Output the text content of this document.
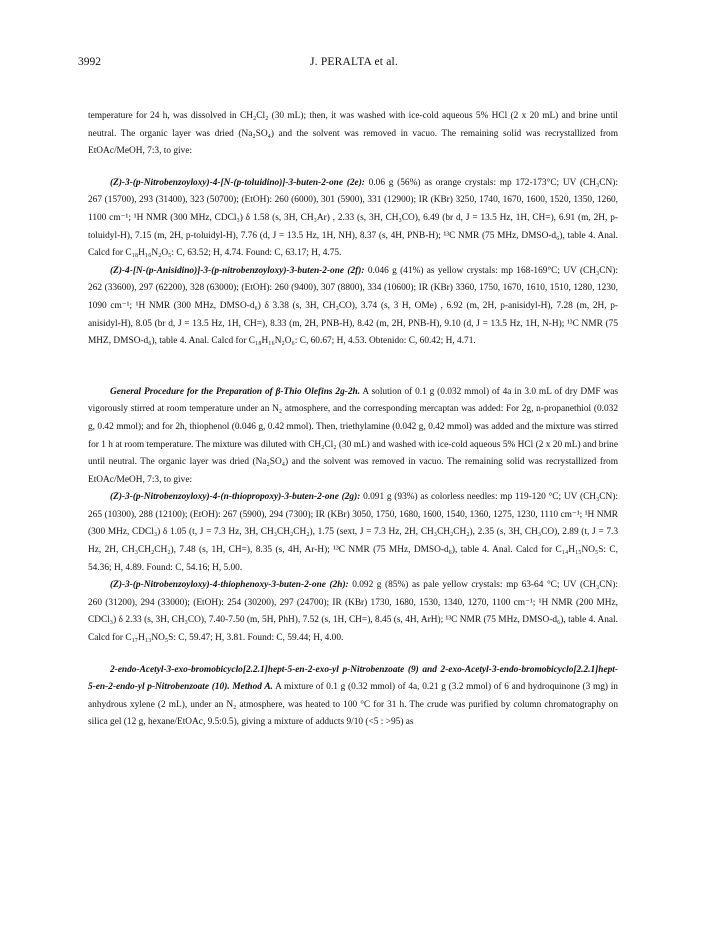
3992	J. PERALTA et al.

temperature for 24 h, was dissolved in CH₂Cl₂ (30 mL); then, it was washed with ice-cold aqueous 5% HCl (2 x 20 mL) and brine until neutral. The organic layer was dried (Na₂SO₄) and the solvent was removed in vacuo. The remaining solid was recrystallized from EtOAc/MeOH, 7:3, to give:

(Z)-3-(p-Nitrobenzoyloxy)-4-[N-(p-toluidino)]-3-buten-2-one (2e): 0.06 g (56%) as orange crystals: mp 172-173°C; UV (CH₃CN): 267 (15700), 293 (31400), 323 (50700); (EtOH): 260 (6000), 301 (5900), 331 (12900); IR (KBr) 3250, 1740, 1670, 1600, 1520, 1350, 1260, 1100 cm⁻¹; ¹H NMR (300 MHz, CDCl₃) δ 1.58 (s, 3H, CH₃Ar) , 2.33 (s, 3H, CH₃CO), 6.49 (br d, J = 13.5 Hz, 1H, CH=), 6.91 (m, 2H, p-toluidyl-H), 7.15 (m, 2H, p-toluidyl-H), 7.76 (d, J = 13.5 Hz, 1H, NH), 8.37 (s, 4H, PNB-H); ¹³C NMR (75 MHz, DMSO-d₆), table 4. Anal. Calcd for C₁₈H₁₆N₂O₅: C, 63.52; H, 4.74. Found: C, 63.17; H, 4.75.

(Z)-4-[N-(p-Anisidino)]-3-(p-nitrobenzoyloxy)-3-buten-2-one (2f): 0.046 g (41%) as yellow crystals: mp 168-169°C; UV (CH₃CN): 262 (33600), 297 (62200), 328 (63000); (EtOH): 260 (9400), 307 (8800), 334 (10600); IR (KBr) 3360, 1750, 1670, 1610, 1510, 1280, 1230, 1090 cm⁻¹; ¹H NMR (300 MHz, DMSO-d₆) δ 3.38 (s, 3H, CH₃CO), 3.74 (s, 3 H, OMe) , 6.92 (m, 2H, p-anisidyl-H), 7.28 (m, 2H, p-anisidyl-H), 8.05 (br d, J = 13.5 Hz, 1H, CH=), 8.33 (m, 2H, PNB-H), 8.42 (m, 2H, PNB-H), 9.10 (d, J = 13.5 Hz, 1H, N-H); ¹³C NMR (75 MHZ, DMSO-d₆), table 4. Anal. Calcd for C₁₈H₁₆N₂O₆: C, 60.67; H, 4.53. Obtenido: C, 60.42; H, 4.71.

General Procedure for the Preparation of β-Thio Olefins 2g-2h. A solution of 0.1 g (0.032 mmol) of 4a in 3.0 mL of dry DMF was vigorously stirred at room temperature under an N₂ atmosphere, and the corresponding mercaptan was added: For 2g, n-propanethiol (0.032 g, 0.42 mmol); and for 2h, thiophenol (0.046 g, 0.42 mmol). Then, triethylamine (0.042 g, 0.42 mmol) was added and the mixture was stirred for 1 h at room temperature. The mixture was diluted with CH₂Cl₂ (30 mL) and washed with ice-cold aqueous 5% HCl (2 x 20 mL) and brine until neutral. The organic layer was dried (Na₂SO₄) and the solvent was removed in vacuo. The remaining solid was recrystallized from EtOAc/MeOH, 7:3, to give:

(Z)-3-(p-Nitrobenzoyloxy)-4-(n-thiopropoxy)-3-buten-2-one (2g): 0.091 g (93%) as colorless needles: mp 119-120 °C; UV (CH₃CN): 265 (10300), 288 (12100); (EtOH): 267 (5900), 294 (7300); IR (KBr) 3050, 1750, 1680, 1600, 1540, 1360, 1275, 1230, 1110 cm⁻¹; ¹H NMR (300 MHz, CDCl₃) δ 1.05 (t, J = 7.3 Hz, 3H, CH₃CH₂CH₂), 1.75 (sext, J = 7.3 Hz, 2H, CH₃CH₂CH₂), 2.35 (s, 3H, CH₃CO), 2.89 (t, J = 7.3 Hz, 2H, CH₃CH₂CH₂), 7.48 (s, 1H, CH=), 8.35 (s, 4H, Ar-H); ¹³C NMR (75 MHz, DMSO-d₆), table 4. Anal. Calcd for C₁₄H₁₅NO₅S: C, 54.36; H, 4.89. Found: C, 54.16; H, 5.00.

(Z)-3-(p-Nitrobenzoyloxy)-4-thiophenoxy-3-buten-2-one (2h): 0.092 g (85%) as pale yellow crystals: mp 63-64 °C; UV (CH₃CN): 260 (31200), 294 (33000); (EtOH): 254 (30200), 297 (24700); IR (KBr) 1730, 1680, 1530, 1340, 1270, 1100 cm⁻¹; ¹H NMR (200 MHz, CDCl₃) δ 2.33 (s, 3H, CH₃CO), 7.40-7.50 (m, 5H, PhH), 7.52 (s, 1H, CH=), 8.45 (s, 4H, ArH); ¹³C NMR (75 MHz, DMSO-d₆), table 4. Anal. Calcd for C₁₇H₁₃NO₅S: C, 59.47; H, 3.81. Found: C, 59.44; H, 4.00.

2-endo-Acetyl-3-exo-bromobicyclo[2.2.1]hept-5-en-2-exo-yl p-Nitrobenzoate (9) and 2-exo-Acetyl-3-endo-bromobicyclo[2.2.1]hept-5-en-2-endo-yl p-Nitrobenzoate (10). Method A. A mixture of 0.1 g (0.32 mmol) of 4a, 0.21 g (3.2 mmol) of 6 and hydroquinone (3 mg) in anhydrous xylene (2 mL), under an N₂ atmosphere, was heated to 100 °C for 31 h. The crude was purified by column chromatography on silica gel (12 g, hexane/EtOAc, 9.5:0.5), giving a mixture of adducts 9/10 (<5 : >95) as
